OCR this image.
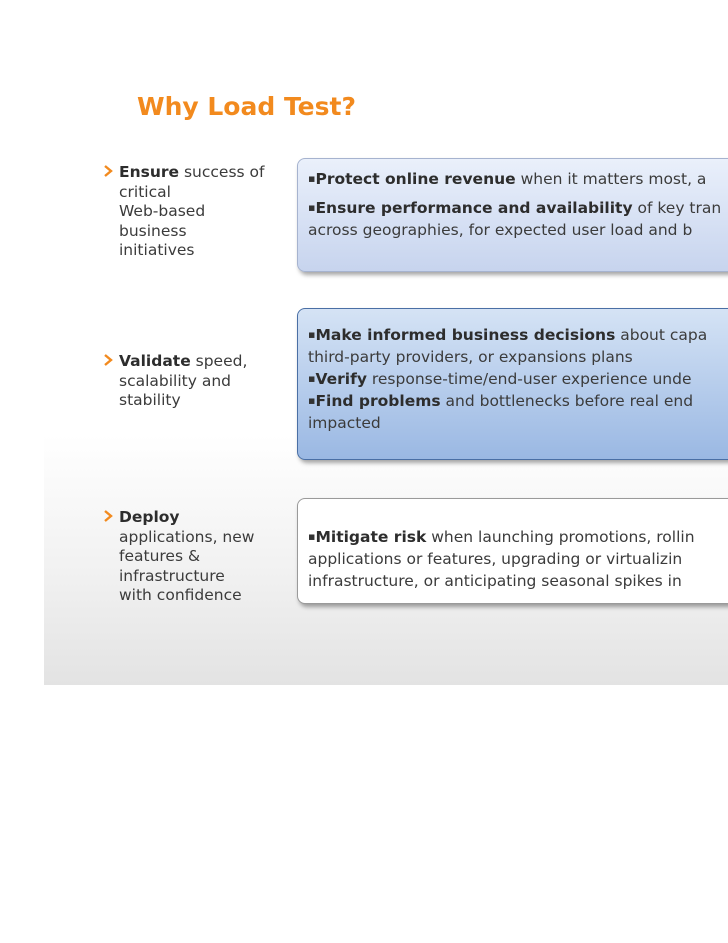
Why Load Test?
Ensure success of
critical
Web-based
business
initiatives
▪Protect online revenue when it matters most, a
▪Ensure performance and availability of key tran
across geographies, for expected user load and b
Validate speed,
scalability and
stability
▪Make informed business decisions about capa
third-party providers, or expansions plans
▪Verify response-time/end-user experience unde
▪Find problems and bottlenecks before real end
impacted
Deploy
applications, new
features &
infrastructure
with confidence
▪Mitigate risk when launching promotions, rollin
applications or features, upgrading or virtualizin
infrastructure, or anticipating seasonal spikes in
